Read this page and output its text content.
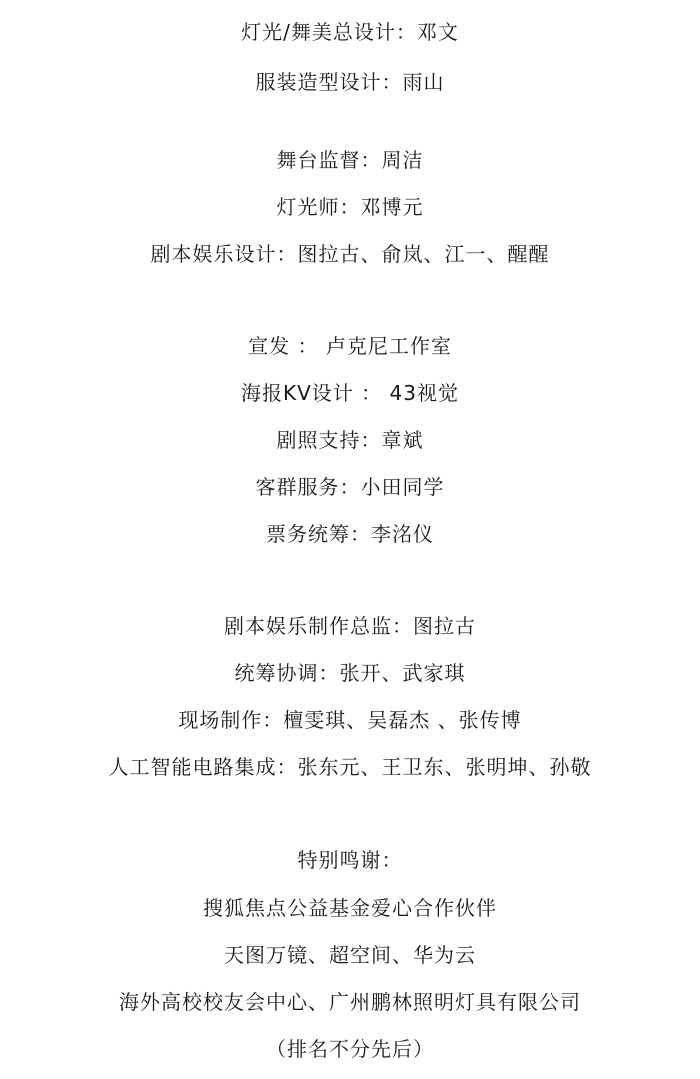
灯光/舞美总设计：邓文
服装造型设计：雨山
舞台监督：周洁
灯光师：邓博元
剧本娱乐设计：图拉古、俞岚、江一、醒醒
宣发 ： 卢克尼工作室
海报KV设计 ： 43视觉
剧照支持：章斌
客群服务：小田同学
票务统筹：李洺仪
剧本娱乐制作总监：图拉古
统筹协调：张开、武家琪
现场制作：檀雯琪、吴磊杰 、张传博
人工智能电路集成：张东元、王卫东、张明坤、孙敬
特别鸣谢：
搜狐焦点公益基金爱心合作伙伴
天图万镜、超空间、华为云
海外高校校友会中心、广州鹏林照明灯具有限公司
（排名不分先后）
